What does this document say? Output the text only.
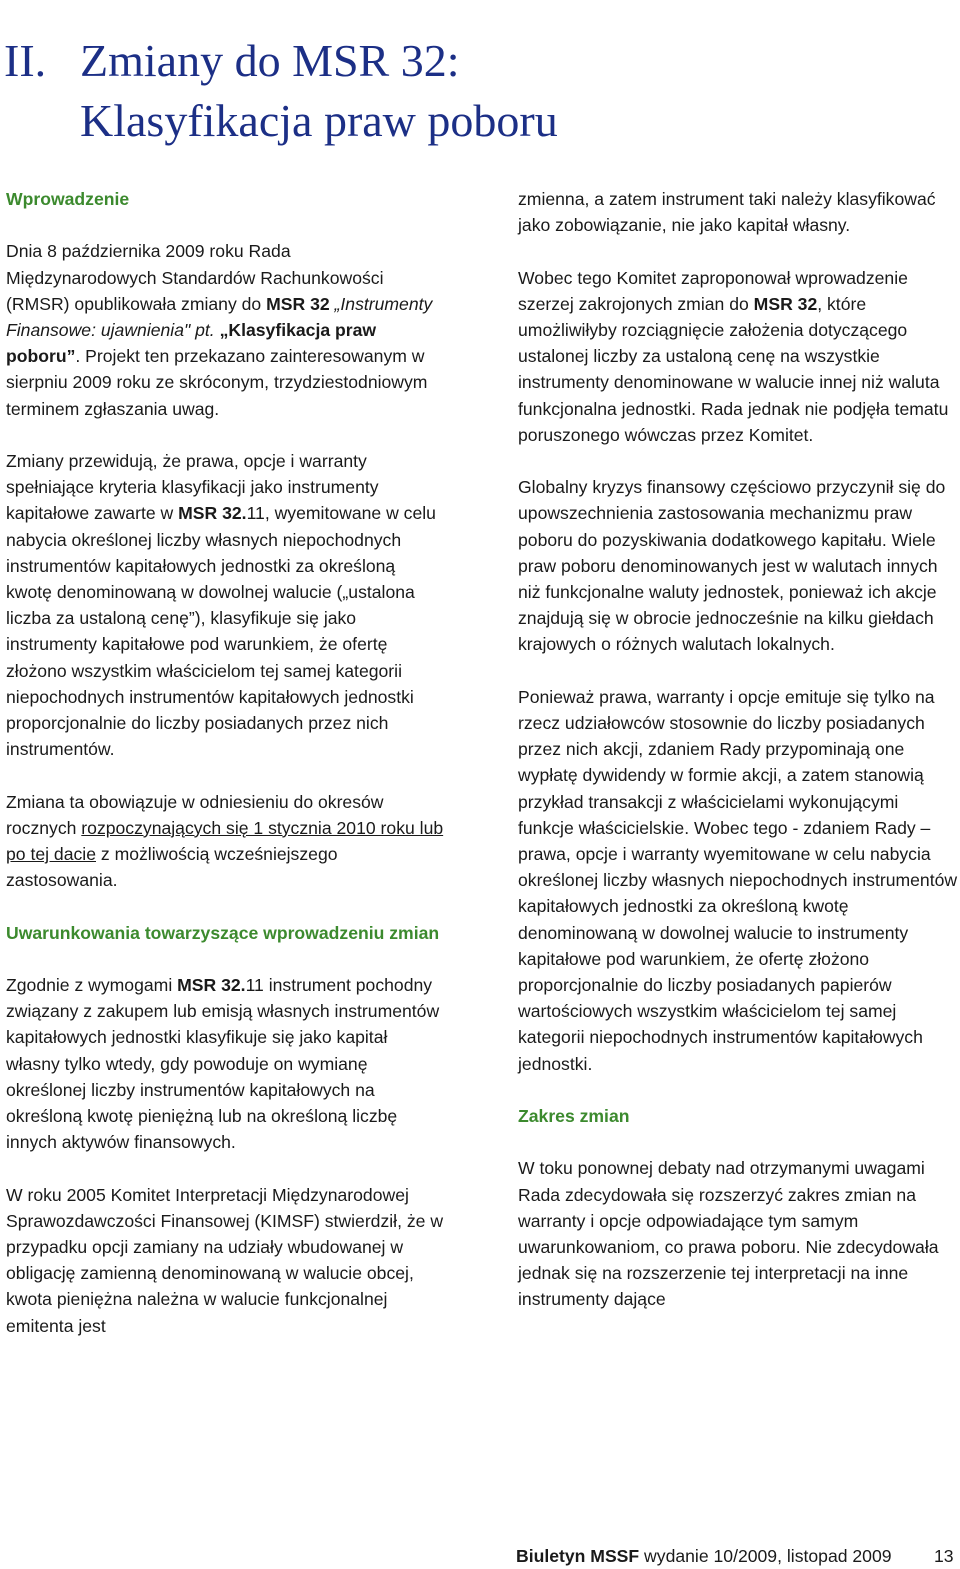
II. Zmiany do MSR 32:
Klasyfikacja praw poboru
Wprowadzenie

Dnia 8 października 2009 roku Rada Międzynarodowych Standardów Rachunkowości (RMSR) opublikowała zmiany do MSR 32 „Instrumenty Finansowe: ujawnienia" pt. „Klasyfikacja praw poboru”. Projekt ten przekazano zainteresowanym w sierpniu 2009 roku ze skróconym, trzydziestodniowym terminem zgłaszania uwag.

Zmiany przewidują, że prawa, opcje i warranty spełniające kryteria klasyfikacji jako instrumenty kapitałowe zawarte w MSR 32.11, wyemitowane w celu nabycia określonej liczby własnych niepochodnych instrumentów kapitałowych jednostki za określoną kwotę denominowaną w dowolnej walucie („ustalona liczba za ustaloną cenę”), klasyfikuje się jako instrumenty kapitałowe pod warunkiem, że ofertę złożono wszystkim właścicielom tej samej kategorii niepochodnych instrumentów kapitałowych jednostki proporcjonalnie do liczby posiadanych przez nich instrumentów.

Zmiana ta obowiązuje w odniesieniu do okresów rocznych rozpoczynających się 1 stycznia 2010 roku lub po tej dacie z możliwością wcześniejszego zastosowania.

Uwarunkowania towarzyszące wprowadzeniu zmian

Zgodnie z wymogami MSR 32.11 instrument pochodny związany z zakupem lub emisją własnych instrumentów kapitałowych jednostki klasyfikuje się jako kapitał własny tylko wtedy, gdy powoduje on wymianę określonej liczby instrumentów kapitałowych na określoną kwotę pieniężną lub na określoną liczbę innych aktywów finansowych.

W roku 2005 Komitet Interpretacji Międzynarodowej Sprawozdawczości Finansowej (KIMSF) stwierdził, że w przypadku opcji zamiany na udziały wbudowanej w obligację zamienną denominowaną w walucie obcej, kwota pieniężna należna w walucie funkcjonalnej emitenta jest

zmienna, a zatem instrument taki należy klasyfikować jako zobowiązanie, nie jako kapitał własny.

Wobec tego Komitet zaproponował wprowadzenie szerzej zakrojonych zmian do MSR 32, które umożliwiłyby rozciągnięcie założenia dotyczącego ustalonej liczby za ustaloną cenę na wszystkie instrumenty denominowane w walucie innej niż waluta funkcjonalna jednostki. Rada jednak nie podjęła tematu poruszonego wówczas przez Komitet.

Globalny kryzys finansowy częściowo przyczynił się do upowszechnienia zastosowania mechanizmu praw poboru do pozyskiwania dodatkowego kapitału. Wiele praw poboru denominowanych jest w walutach innych niż funkcjonalne waluty jednostek, ponieważ ich akcje znajdują się w obrocie jednocześnie na kilku giełdach krajowych o różnych walutach lokalnych.

Ponieważ prawa, warranty i opcje emituje się tylko na rzecz udziałowców stosownie do liczby posiadanych przez nich akcji, zdaniem Rady przypominają one wypłatę dywidendy w formie akcji, a zatem stanowią przykład transakcji z właścicielami wykonującymi funkcje właścicielskie. Wobec tego - zdaniem Rady – prawa, opcje i warranty wyemitowane w celu nabycia określonej liczby własnych niepochodnych instrumentów kapitałowych jednostki za określoną kwotę denominowaną w dowolnej walucie to instrumenty kapitałowe pod warunkiem, że ofertę złożono proporcjonalnie do liczby posiadanych papierów wartościowych wszystkim właścicielom tej samej kategorii niepochodnych instrumentów kapitałowych jednostki.

Zakres zmian

W toku ponownej debaty nad otrzymanymi uwagami Rada zdecydowała się rozszerzyć zakres zmian na warranty i opcje odpowiadające tym samym uwarunkowaniom, co prawa poboru. Nie zdecydowała jednak się na rozszerzenie tej interpretacji na inne instrumenty dające

Biuletyn MSSF wydanie 10/2009, listopad 2009 13
